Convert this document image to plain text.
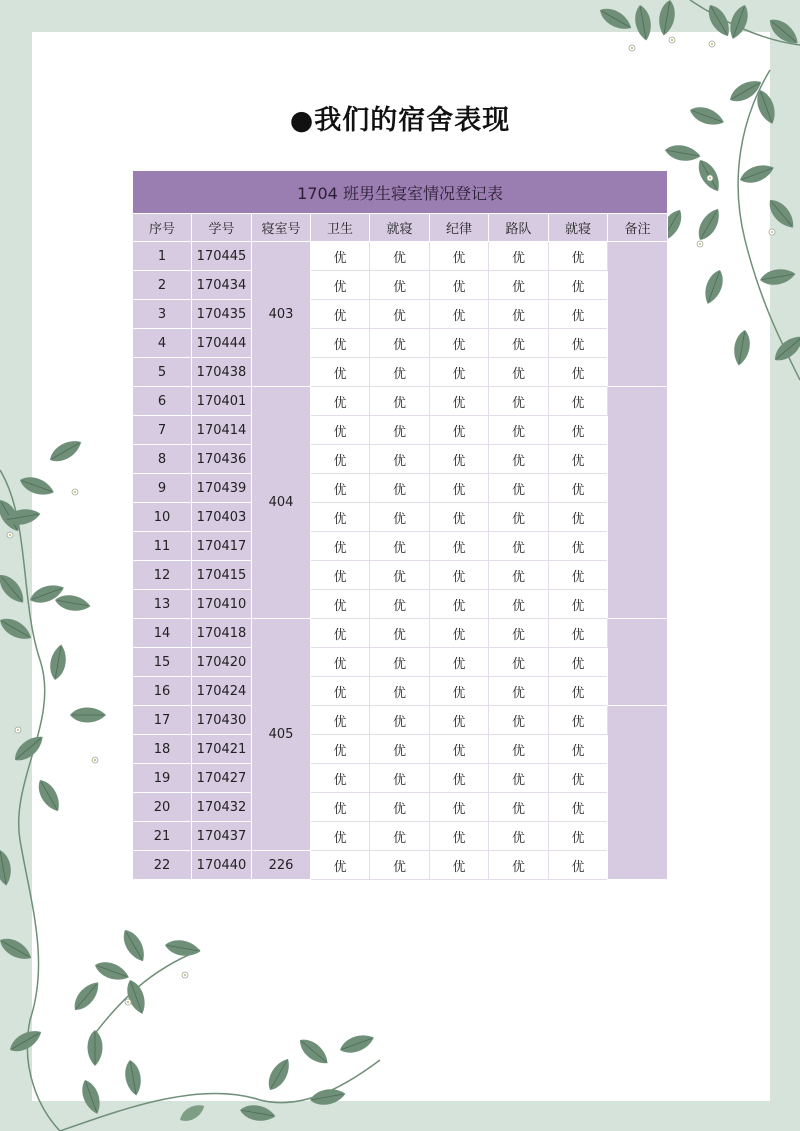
●我们的宿舍表现
1704 班男生寝室情况登记表								
序号	学号	寝室号	卫生	就寝	纪律	路队	就寝	备注
1	170445	403	优	优	优	优	优	
2	170434		优	优	优	优	优	
3	170435		优	优	优	优	优	
4	170444		优	优	优	优	优	
5	170438		优	优	优	优	优	
6	170401	404	优	优	优	优	优	
7	170414		优	优	优	优	优	
8	170436		优	优	优	优	优	
9	170439		优	优	优	优	优	
10	170403		优	优	优	优	优	
11	170417		优	优	优	优	优	
12	170415		优	优	优	优	优	
13	170410		优	优	优	优	优	
14	170418	405	优	优	优	优	优	
15	170420		优	优	优	优	优	
16	170424		优	优	优	优	优	
17	170430		优	优	优	优	优	
18	170421		优	优	优	优	优	
19	170427		优	优	优	优	优	
20	170432		优	优	优	优	优	
21	170437		优	优	优	优	优	
22	170440	226	优	优	优	优	优	
